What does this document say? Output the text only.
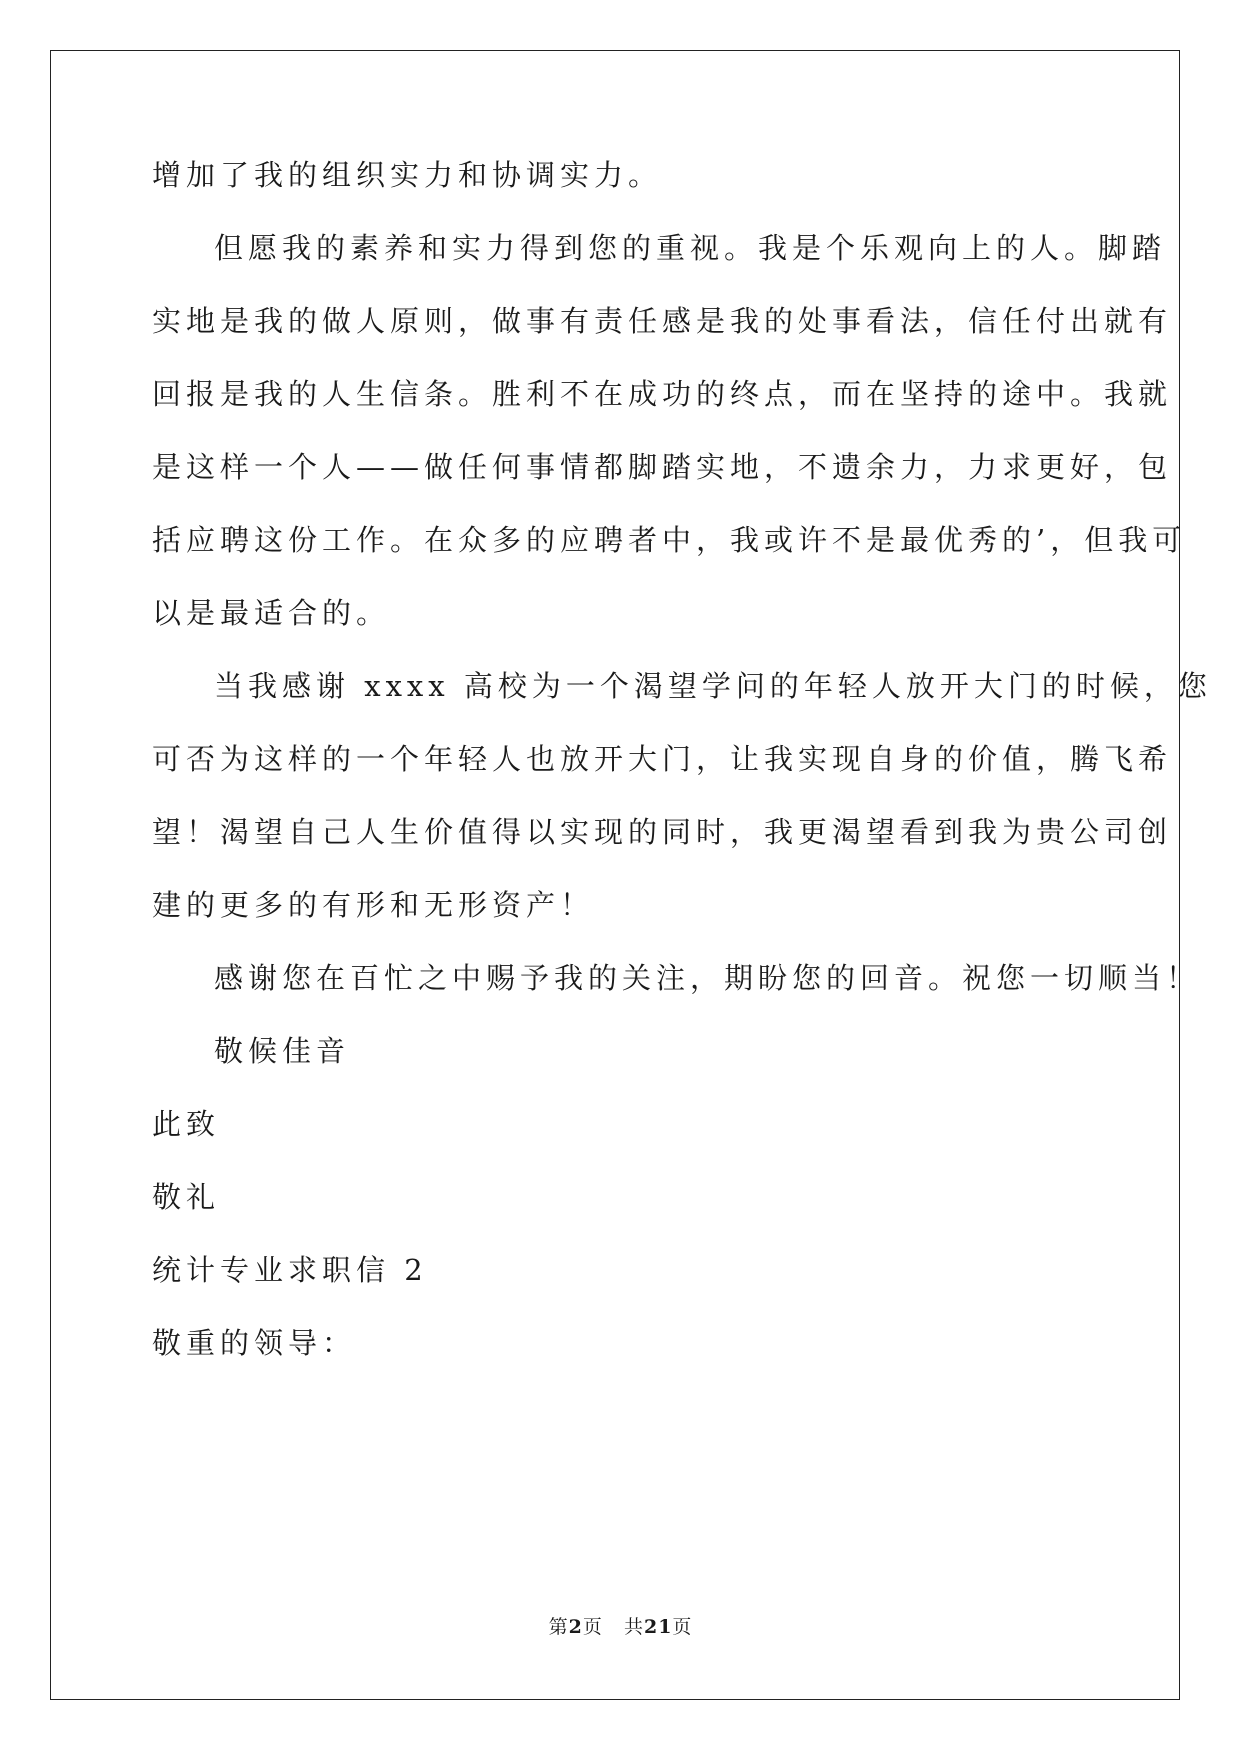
增加了我的组织实力和协调实力。
但愿我的素养和实力得到您的重视。我是个乐观向上的人。脚踏
实地是我的做人原则，做事有责任感是我的处事看法，信任付出就有
回报是我的人生信条。胜利不在成功的终点，而在坚持的途中。我就
是这样一个人——做任何事情都脚踏实地，不遗余力，力求更好，包
括应聘这份工作。在众多的应聘者中，我或许不是最优秀的’，但我可
以是最适合的。
当我感谢 xxxx 高校为一个渴望学问的年轻人放开大门的时候，您
可否为这样的一个年轻人也放开大门，让我实现自身的价值，腾飞希
望！渴望自己人生价值得以实现的同时，我更渴望看到我为贵公司创
建的更多的有形和无形资产！
感谢您在百忙之中赐予我的关注，期盼您的回音。祝您一切顺当！
敬候佳音
此致
敬礼
统计专业求职信 2
敬重的领导：
第2页 共21页
